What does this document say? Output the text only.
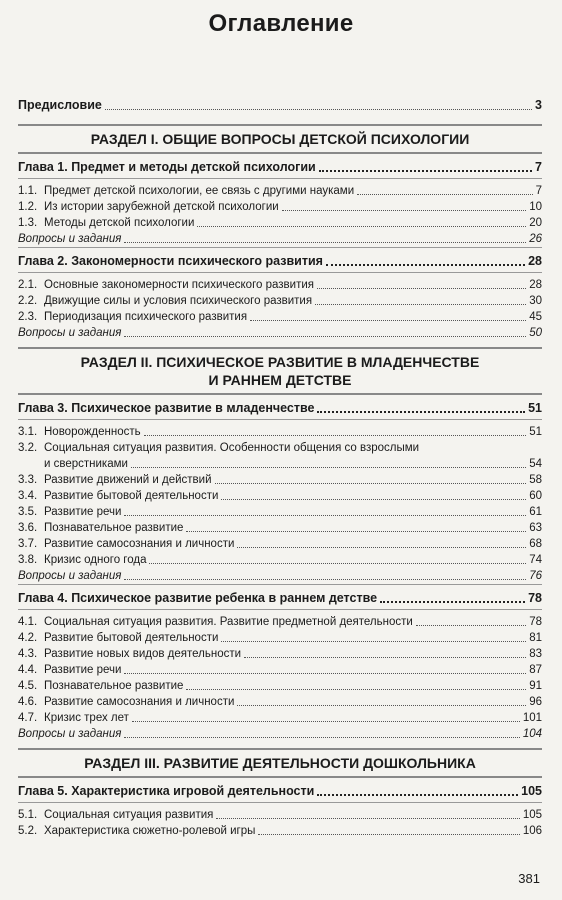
Оглавление
Предисловие	3
РАЗДЕЛ I. ОБЩИЕ ВОПРОСЫ ДЕТСКОЙ ПСИХОЛОГИИ
Глава 1. Предмет и методы детской психологии	7
1.1. Предмет детской психологии, ее связь с другими науками	7
1.2. Из истории зарубежной детской психологии	10
1.3. Методы детской психологии	20
Вопросы и задания	26
Глава 2. Закономерности психического развития	28
2.1. Основные закономерности психического развития	28
2.2. Движущие силы и условия психического развития	30
2.3. Периодизация психического развития	45
Вопросы и задания	50
РАЗДЕЛ II. ПСИХИЧЕСКОЕ РАЗВИТИЕ В МЛАДЕНЧЕСТВЕ
И РАННЕМ ДЕТСТВЕ
Глава 3. Психическое развитие в младенчестве	51
3.1. Новорожденность	51
3.2. Социальная ситуация развития. Особенности общения со взрослыми
и сверстниками	54
3.3. Развитие движений и действий	58
3.4. Развитие бытовой деятельности	60
3.5. Развитие речи	61
3.6. Познавательное развитие	63
3.7. Развитие самосознания и личности	68
3.8. Кризис одного года	74
Вопросы и задания	76
Глава 4. Психическое развитие ребенка в раннем детстве	78
4.1. Социальная ситуация развития. Развитие предметной деятельности	78
4.2. Развитие бытовой деятельности	81
4.3. Развитие новых видов деятельности	83
4.4. Развитие речи	87
4.5. Познавательное развитие	91
4.6. Развитие самосознания и личности	96
4.7. Кризис трех лет	101
Вопросы и задания	104
РАЗДЕЛ III. РАЗВИТИЕ ДЕЯТЕЛЬНОСТИ ДОШКОЛЬНИКА
Глава 5. Характеристика игровой деятельности	105
5.1. Социальная ситуация развития	105
5.2. Характеристика сюжетно-ролевой игры	106
381
